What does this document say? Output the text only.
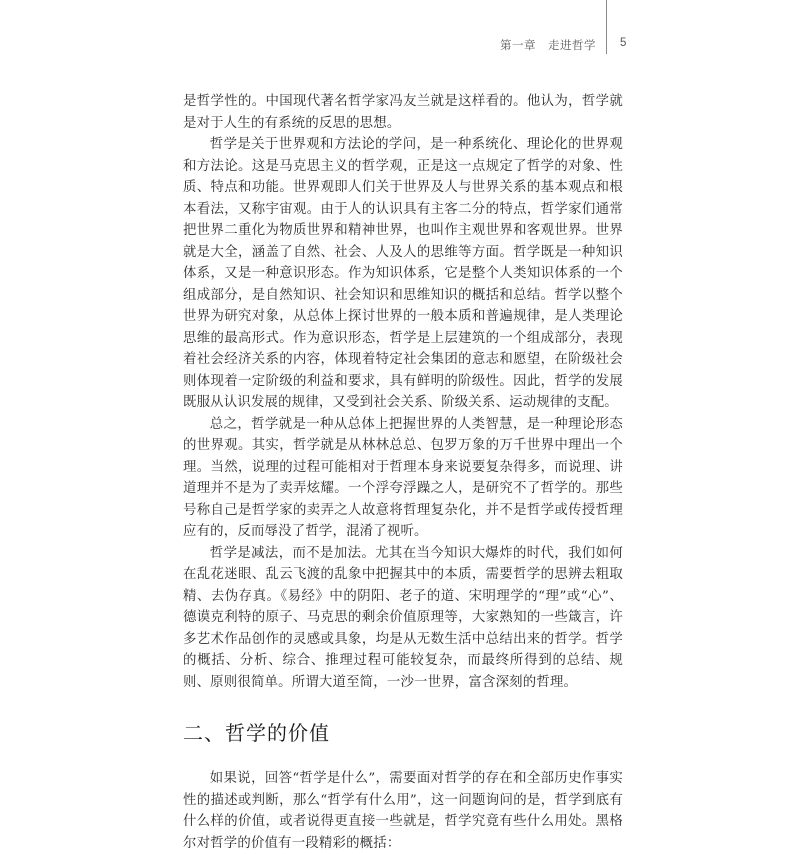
第一章　走进哲学 5

是哲学性的。中国现代著名哲学家冯友兰就是这样看的。他认为，哲学就是对于人生的有系统的反思的思想。

哲学是关于世界观和方法论的学问，是一种系统化、理论化的世界观和方法论。这是马克思主义的哲学观，正是这一点规定了哲学的对象、性质、特点和功能。世界观即人们关于世界及人与世界关系的基本观点和根本看法，又称宇宙观。由于人的认识具有主客二分的特点，哲学家们通常把世界二重化为物质世界和精神世界，也叫作主观世界和客观世界。世界就是大全，涵盖了自然、社会、人及人的思维等方面。哲学既是一种知识体系，又是一种意识形态。作为知识体系，它是整个人类知识体系的一个组成部分，是自然知识、社会知识和思维知识的概括和总结。哲学以整个世界为研究对象，从总体上探讨世界的一般本质和普遍规律，是人类理论思维的最高形式。作为意识形态，哲学是上层建筑的一个组成部分，表现着社会经济关系的内容，体现着特定社会集团的意志和愿望，在阶级社会则体现着一定阶级的利益和要求，具有鲜明的阶级性。因此，哲学的发展既服从认识发展的规律，又受到社会关系、阶级关系、运动规律的支配。

总之，哲学就是一种从总体上把握世界的人类智慧，是一种理论形态的世界观。其实，哲学就是从林林总总、包罗万象的万千世界中理出一个理。当然，说理的过程可能相对于哲理本身来说要复杂得多，而说理、讲道理并不是为了卖弄炫耀。一个浮夸浮躁之人，是研究不了哲学的。那些号称自己是哲学家的卖弄之人故意将哲理复杂化，并不是哲学或传授哲理应有的，反而辱没了哲学，混淆了视听。

哲学是减法，而不是加法。尤其在当今知识大爆炸的时代，我们如何在乱花迷眼、乱云飞渡的乱象中把握其中的本质，需要哲学的思辨去粗取精、去伪存真。《易经》中的阴阳、老子的道、宋明理学的“理”或“心”、德谟克利特的原子、马克思的剩余价值原理等，大家熟知的一些箴言，许多艺术作品创作的灵感或具象，均是从无数生活中总结出来的哲学。哲学的概括、分析、综合、推理过程可能较复杂，而最终所得到的总结、规则、原则很简单。所谓大道至简，一沙一世界，富含深刻的哲理。

二、哲学的价值

如果说，回答“哲学是什么”，需要面对哲学的存在和全部历史作事实性的描述或判断，那么“哲学有什么用”，这一问题询问的是，哲学到底有什么样的价值，或者说得更直接一些就是，哲学究竟有些什么用处。黑格尔对哲学的价值有一段精彩的概括：
